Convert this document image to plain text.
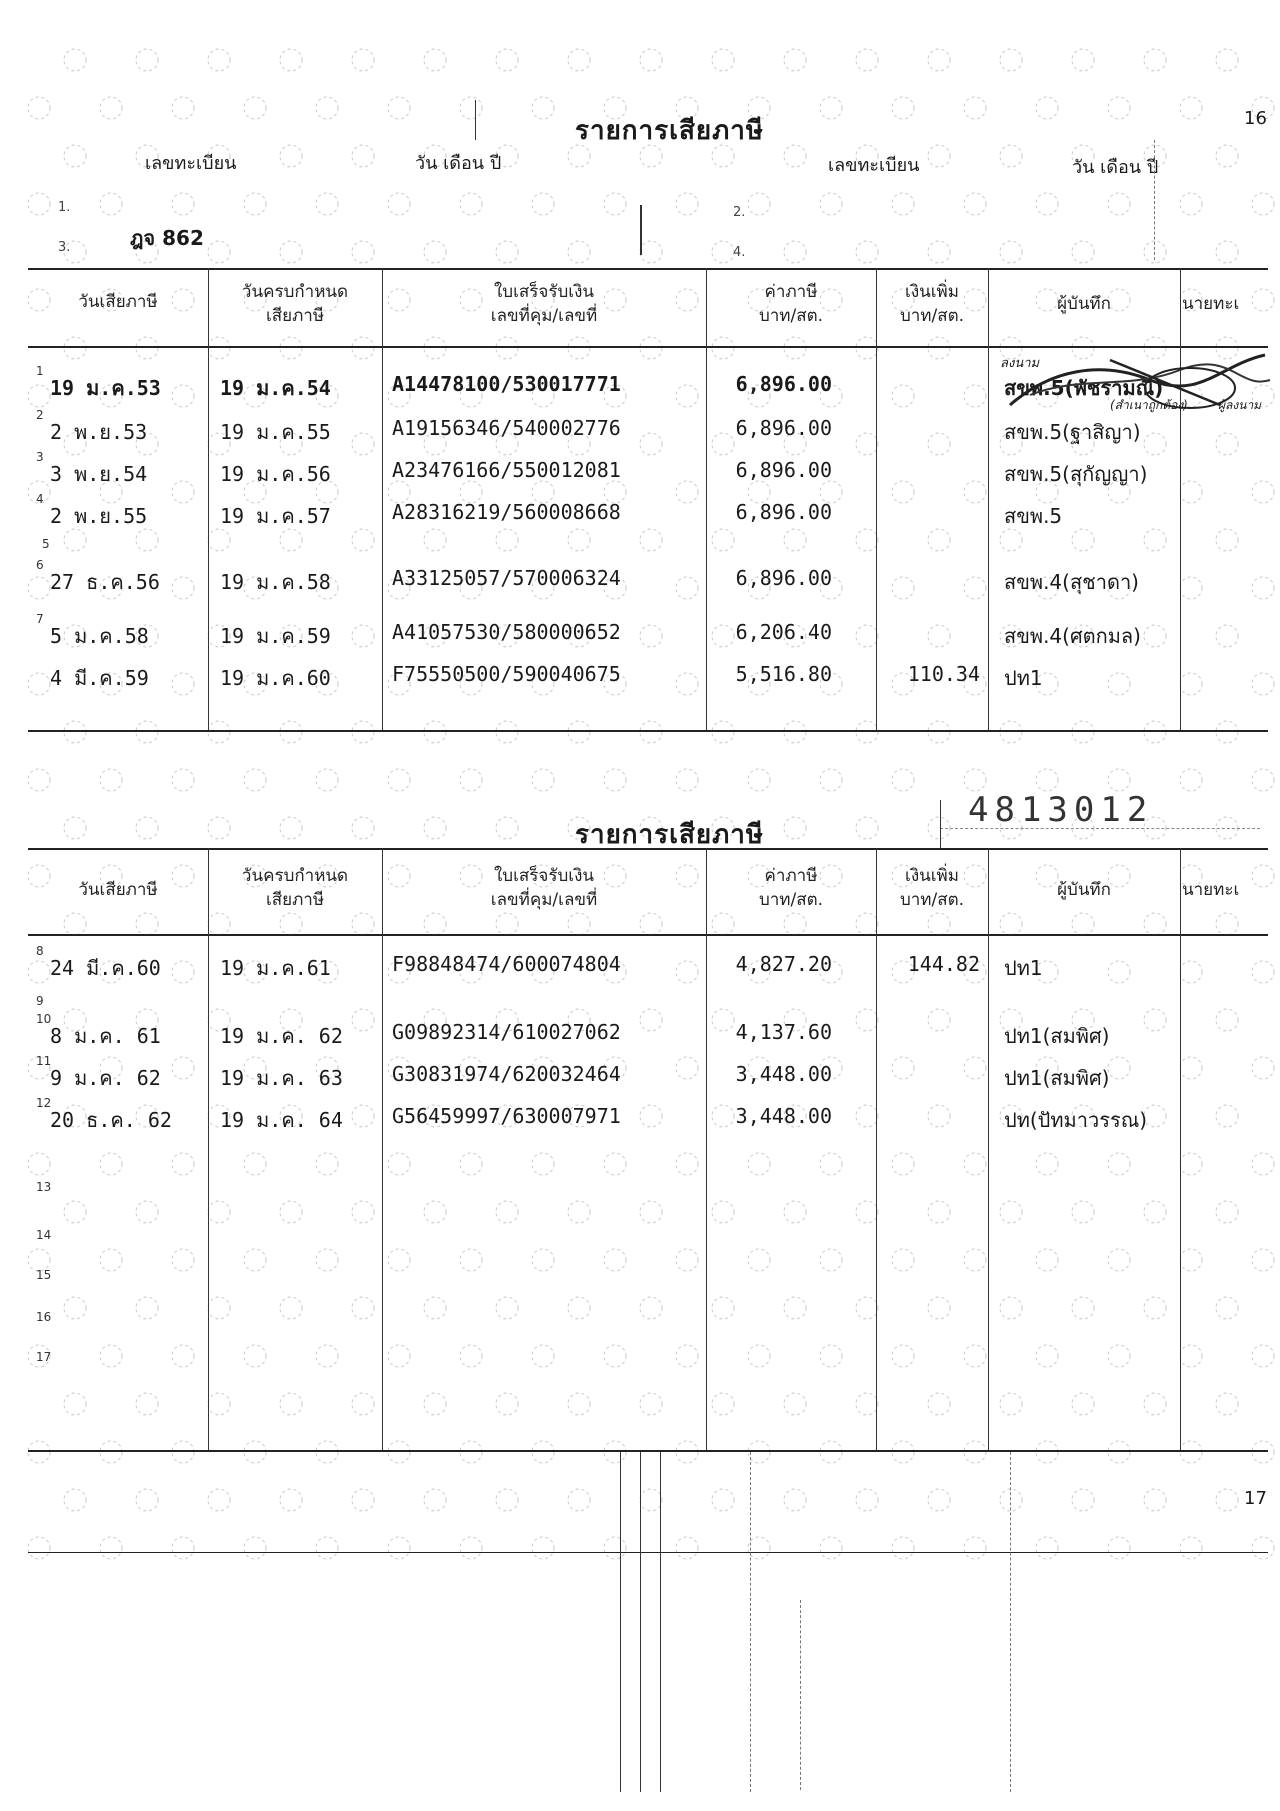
16
รายการเสียภาษี
เลขทะเบียน	วัน เดือน ปี	เลขทะเบียน	วัน เดือน ปี
1.
3.
2.
4.
ฎจ 862
วันเสียภาษี	วันครบกำหนด
เสียภาษี
ใบเสร็จรับเงิน
เลขที่คุม/เลขที่
ค่าภาษี
บาท/สต.
เงินเพิ่ม
บาท/สต.
ผู้บันทึก	นายทะเ
1
19 ม.ค.53	19 ม.ค.54	A14478100/530017771	6,896.00	สขพ.5(พัชรามณี)
2
2 พ.ย.53	19 ม.ค.55	A19156346/540002776	6,896.00	สขพ.5(ฐาสิญา)
3
3 พ.ย.54	19 ม.ค.56	A23476166/550012081	6,896.00	สขพ.5(สุกัญญา)
4
2 พ.ย.55	19 ม.ค.57	A28316219/560008668	6,896.00	สขพ.5
6
27 ธ.ค.56	19 ม.ค.58	A33125057/570006324	6,896.00	สขพ.4(สุชาดา)
7
5 ม.ค.58	19 ม.ค.59	A41057530/580000652	6,206.40	สขพ.4(ศตกมล)
4 มี.ค.59	19 ม.ค.60	F75550500/590040675	5,516.80	110.34 ปท1
5
ลงนาม
(สำเนาถูกต้อง)	ผู้ลงนาม
รายการเสียภาษี
4813012
วันเสียภาษี
วันครบกำหนด
เสียภาษี
ใบเสร็จรับเงิน
เลขที่คุม/เลขที่
ค่าภาษี
บาท/สต.
เงินเพิ่ม
บาท/สต.	ผู้บันทึก	นายทะเ
8
24 มี.ค.60	19 ม.ค.61	F98848474/600074804	4,827.20	144.82 ปท1
10
8 ม.ค. 61	19 ม.ค. 62	G09892314/610027062	4,137.60	ปท1(สมพิศ)
11
9 ม.ค. 62	19 ม.ค. 63	G30831974/620032464	3,448.00	ปท1(สมพิศ)
12
20 ธ.ค. 62	19 ม.ค. 64	G56459997/630007971	3,448.00	ปท(ปัทมาวรรณ)
9
13
14
15
16
17
17
